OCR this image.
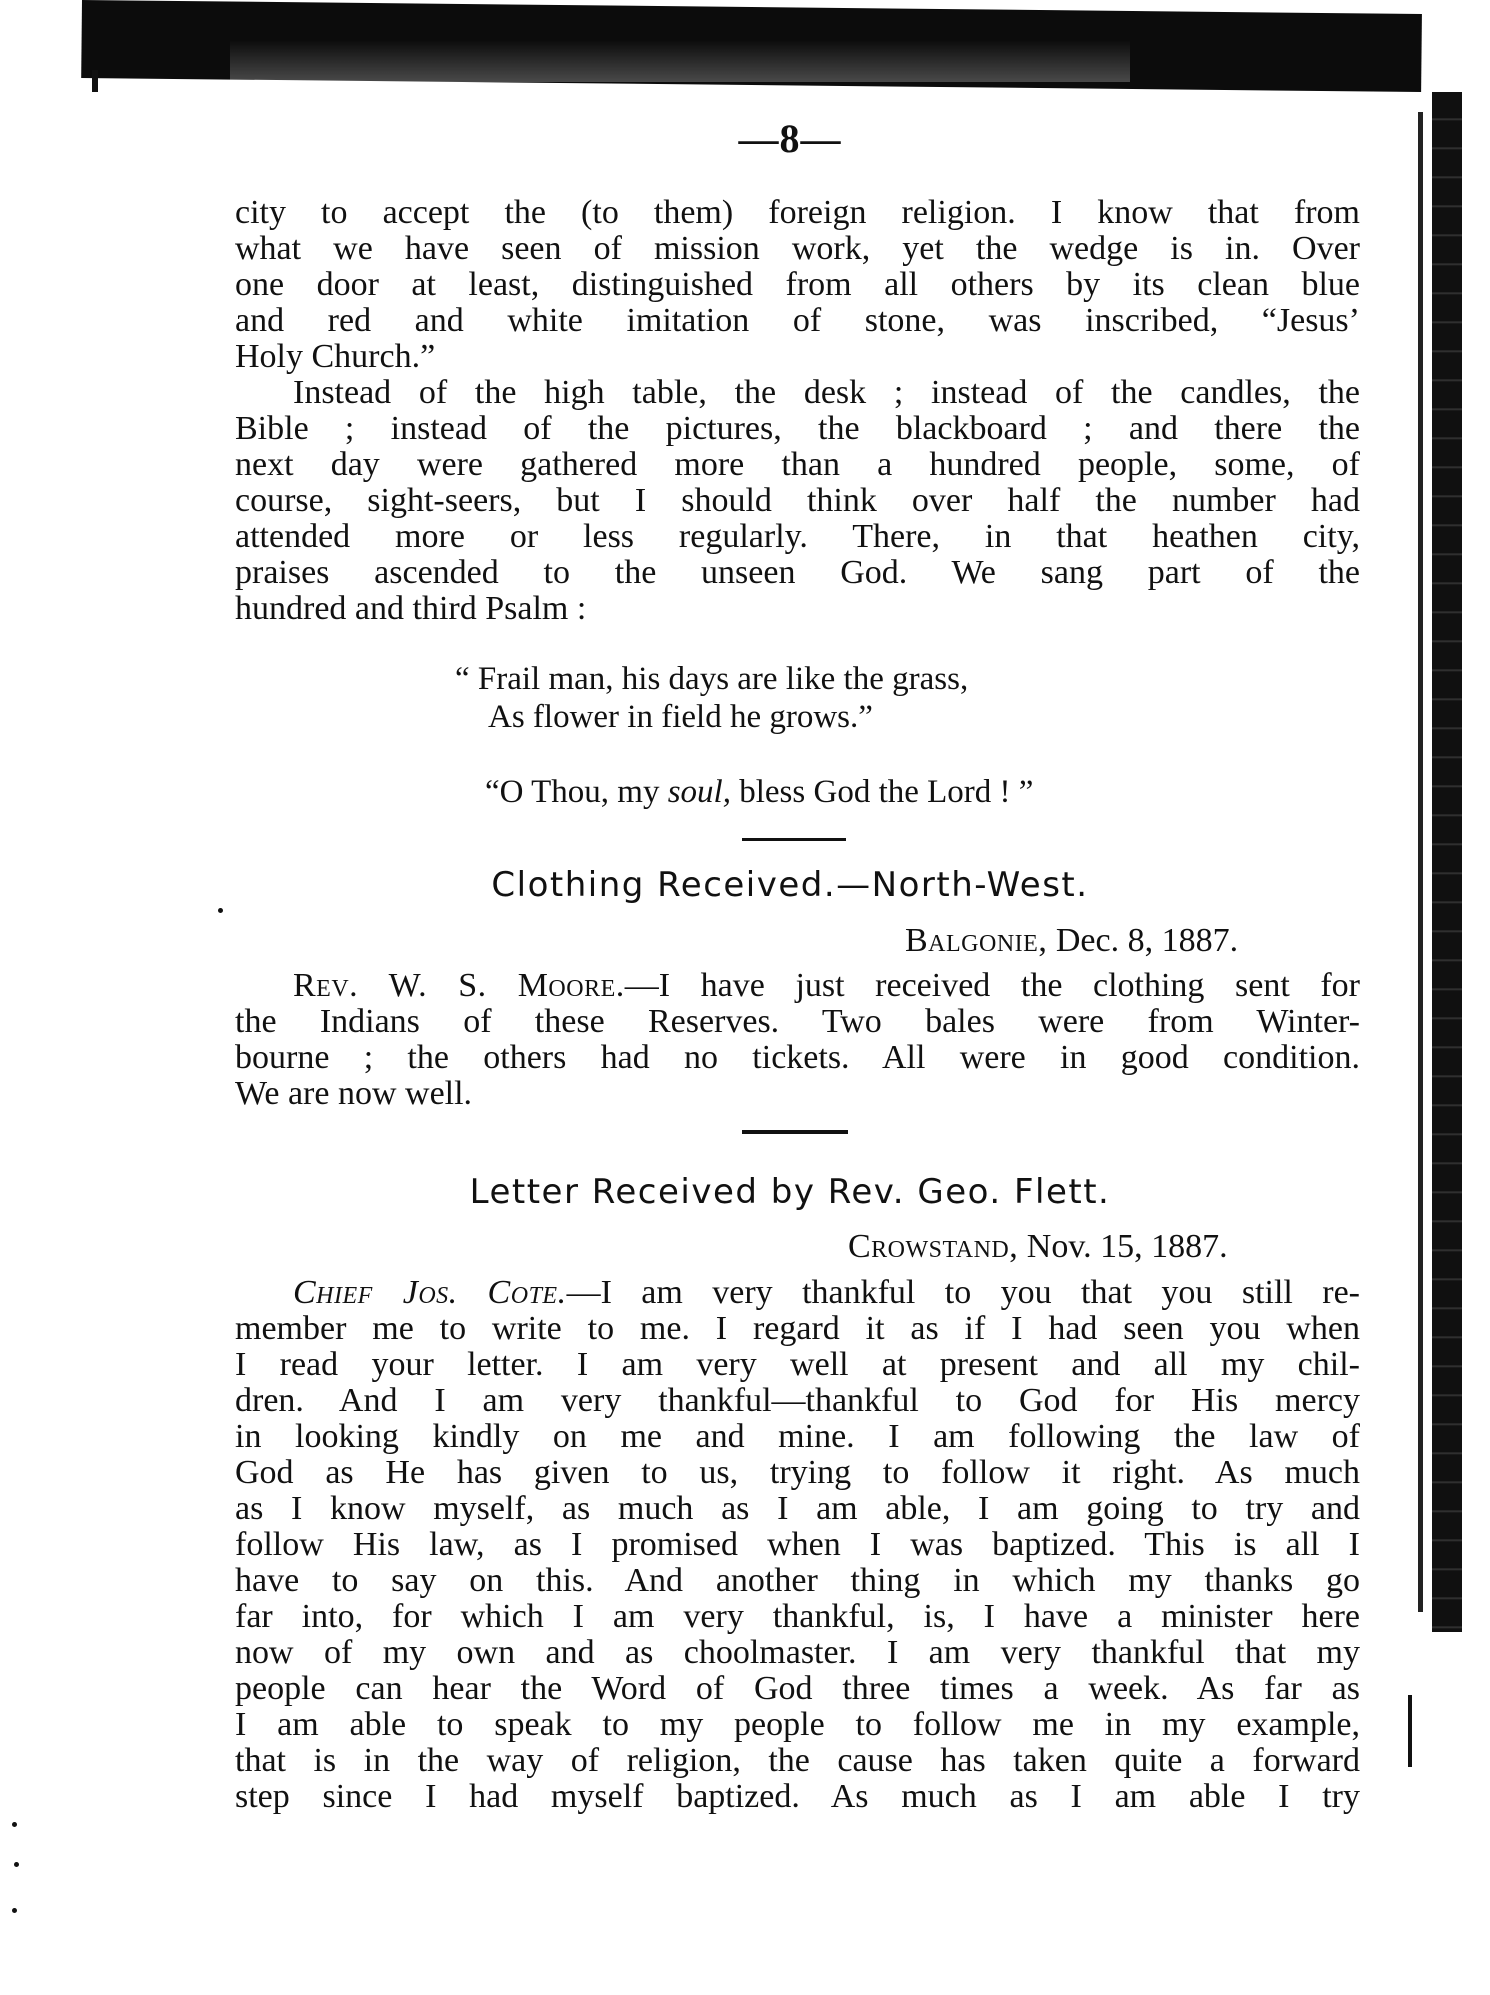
—8—
city to accept the (to them) foreign religion. I know that from
what we have seen of mission work, yet the wedge is in. Over
one door at least, distinguished from all others by its clean blue
and red and white imitation of stone, was inscribed, “Jesus’
Holy Church.”
Instead of the high table, the desk ; instead of the candles, the
Bible ; instead of the pictures, the blackboard ; and there the
next day were gathered more than a hundred people, some, of
course, sight-seers, but I should think over half the number had
attended more or less regularly. There, in that heathen city,
praises ascended to the unseen God. We sang part of the
hundred and third Psalm :
“ Frail man, his days are like the grass,
As flower in field he grows.”
“O Thou, my soul, bless God the Lord ! ”
Clothing Received.—North-West.
Balgonie, Dec. 8, 1887.
Rev. W. S. Moore.—I have just received the clothing sent for
the Indians of these Reserves. Two bales were from Winter-
bourne ; the others had no tickets. All were in good condition.
We are now well.
Letter Received by Rev. Geo. Flett.
Crowstand, Nov. 15, 1887.
Chief Jos. Cote.—I am very thankful to you that you still re-
member me to write to me. I regard it as if I had seen you when
I read your letter. I am very well at present and all my chil-
dren. And I am very thankful—thankful to God for His mercy
in looking kindly on me and mine. I am following the law of
God as He has given to us, trying to follow it right. As much
as I know myself, as much as I am able, I am going to try and
follow His law, as I promised when I was baptized. This is all I
have to say on this. And another thing in which my thanks go
far into, for which I am very thankful, is, I have a minister here
now of my own and as choolmaster. I am very thankful that my
people can hear the Word of God three times a week. As far as
I am able to speak to my people to follow me in my example,
that is in the way of religion, the cause has taken quite a forward
step since I had myself baptized. As much as I am able I try
